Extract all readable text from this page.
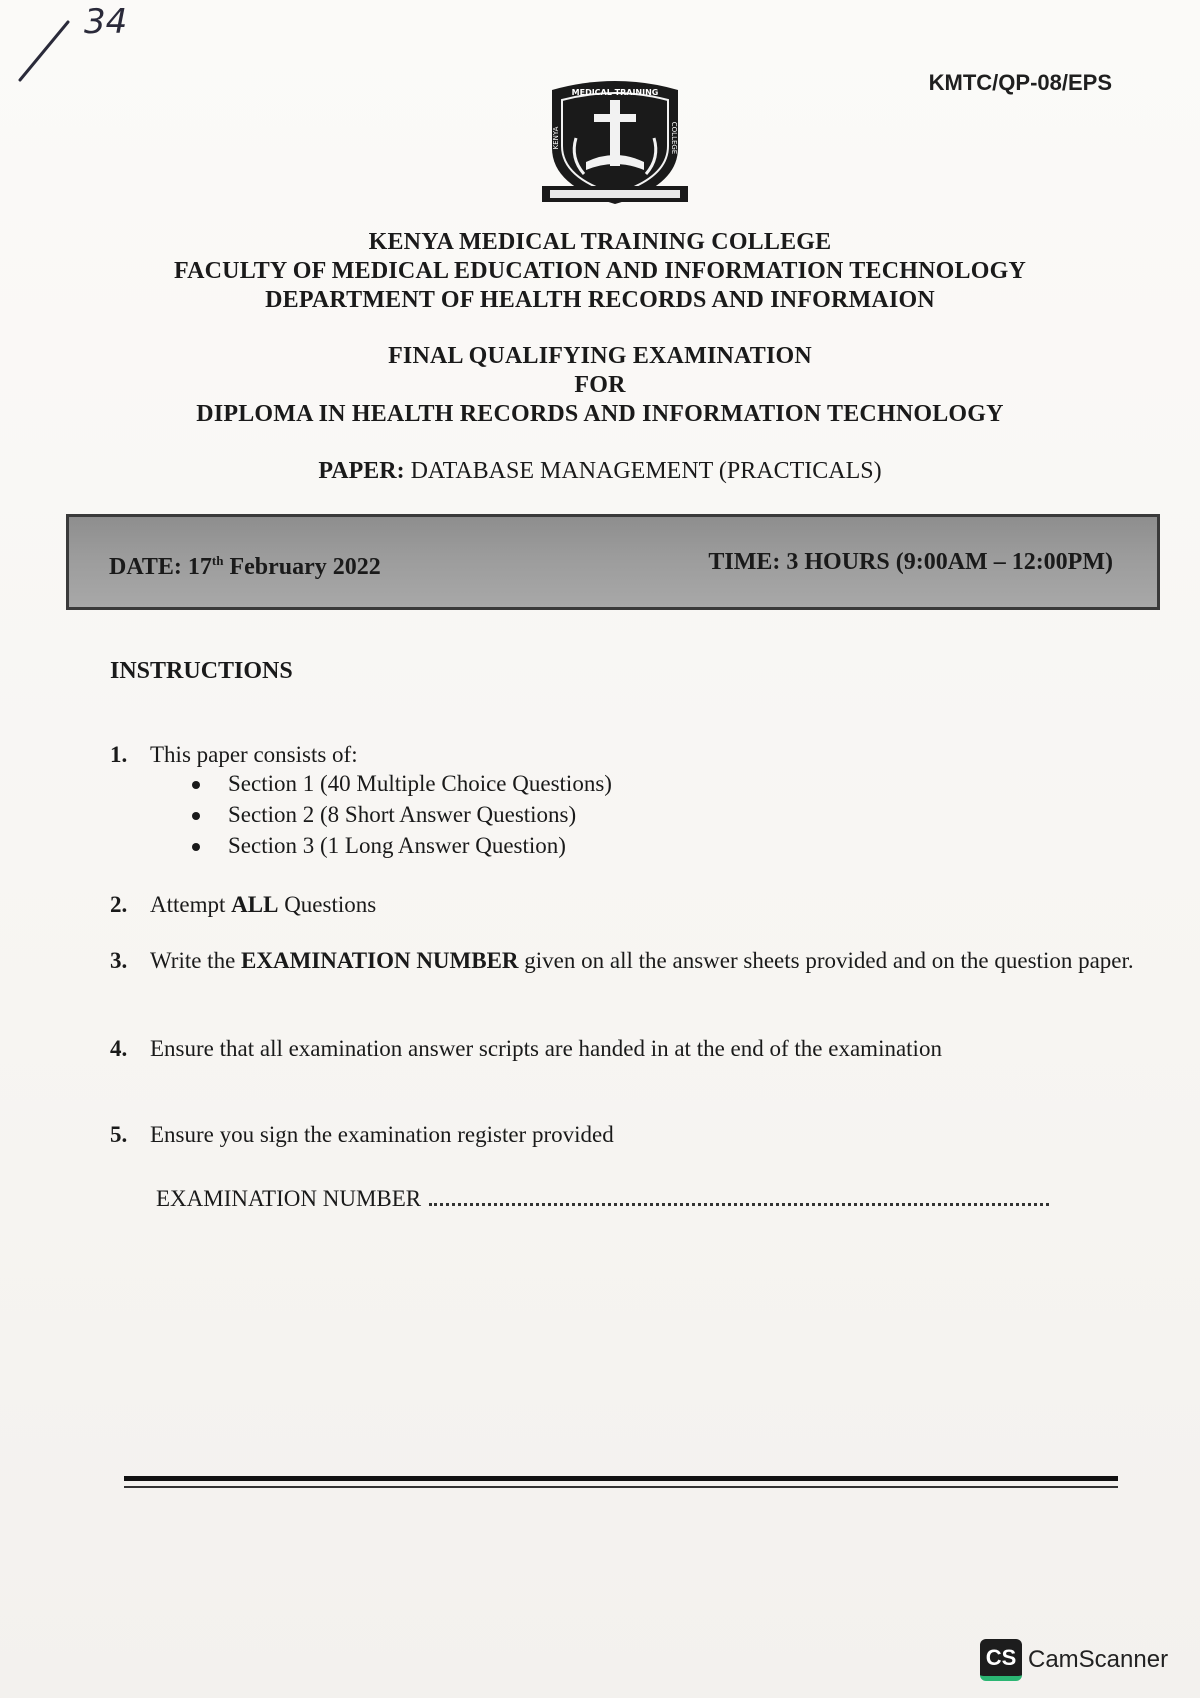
34
KMTC/QP-08/EPS
MEDICAL TRAINING
KENYA	COLLEGE
KENYA MEDICAL TRAINING COLLEGE
FACULTY OF MEDICAL EDUCATION AND INFORMATION TECHNOLOGY
DEPARTMENT OF HEALTH RECORDS AND INFORMAION
FINAL QUALIFYING EXAMINATION
FOR
DIPLOMA IN HEALTH RECORDS AND INFORMATION TECHNOLOGY
PAPER: DATABASE MANAGEMENT (PRACTICALS)
DATE: 17th February 2022	TIME: 3 HOURS (9:00AM – 12:00PM)
INSTRUCTIONS
1. This paper consists of:
Section 1 (40 Multiple Choice Questions)
Section 2 (8 Short Answer Questions)
Section 3 (1 Long Answer Question)
2. Attempt ALL Questions
3. Write the EXAMINATION NUMBER given on all the answer sheets provided and on the question paper.
4. Ensure that all examination answer scripts are handed in at the end of the examination
5. Ensure you sign the examination register provided
EXAMINATION NUMBER
CS CamScanner
